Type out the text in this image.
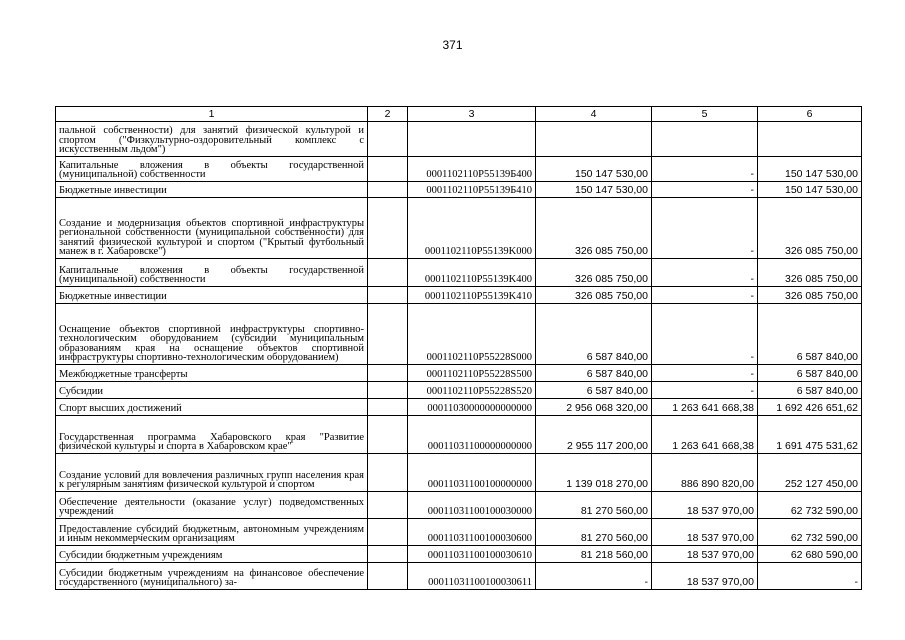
371
1	2	3	4	5	6
пальной собственности) для занятий физической культурой и спортом ("Физкультурно-оздоровительный комплекс с искусственным льдом")					
Капитальные вложения в объекты государственной (муниципальной) собственности		0001102110P55139Б400	150 147 530,00	-	150 147 530,00
Бюджетные инвестиции		0001102110P55139Б410	150 147 530,00	-	150 147 530,00
Создание и модернизация объектов спортивной инфраструктуры региональной собственности (муниципальной собственности) для занятий физической культурой и спортом ("Крытый футбольный манеж в г. Хабаровске")		0001102110P55139K000	326 085 750,00	-	326 085 750,00
Капитальные вложения в объекты государственной (муниципальной) собственности		0001102110P55139K400	326 085 750,00	-	326 085 750,00
Бюджетные инвестиции		0001102110P55139K410	326 085 750,00	-	326 085 750,00
Оснащение объектов спортивной инфраструктуры спортивно-технологическим оборудованием (субсидии муниципальным образованиям края на оснащение объектов спортивной инфраструктуры спортивно-технологическим оборудованием)		0001102110P55228S000	6 587 840,00	-	6 587 840,00
Межбюджетные трансферты		0001102110P55228S500	6 587 840,00	-	6 587 840,00
Субсидии		0001102110P55228S520	6 587 840,00	-	6 587 840,00
Спорт высших достижений		00011030000000000000	2 956 068 320,00	1 263 641 668,38	1 692 426 651,62
Государственная программа Хабаровского края "Развитие физической культуры и спорта в Хабаровском крае"		00011031100000000000	2 955 117 200,00	1 263 641 668,38	1 691 475 531,62
Создание условий для вовлечения различных групп населения края к регулярным занятиям физической культурой и спортом		00011031100100000000	1 139 018 270,00	886 890 820,00	252 127 450,00
Обеспечение деятельности (оказание услуг) подведомственных учреждений		00011031100100030000	81 270 560,00	18 537 970,00	62 732 590,00
Предоставление субсидий бюджетным, автономным учреждениям и иным некоммерческим организациям		00011031100100030600	81 270 560,00	18 537 970,00	62 732 590,00
Субсидии бюджетным учреждениям		00011031100100030610	81 218 560,00	18 537 970,00	62 680 590,00
Субсидии бюджетным учреждениям на финансовое обеспечение государственного (муниципального) за-		00011031100100030611	-	18 537 970,00	-
